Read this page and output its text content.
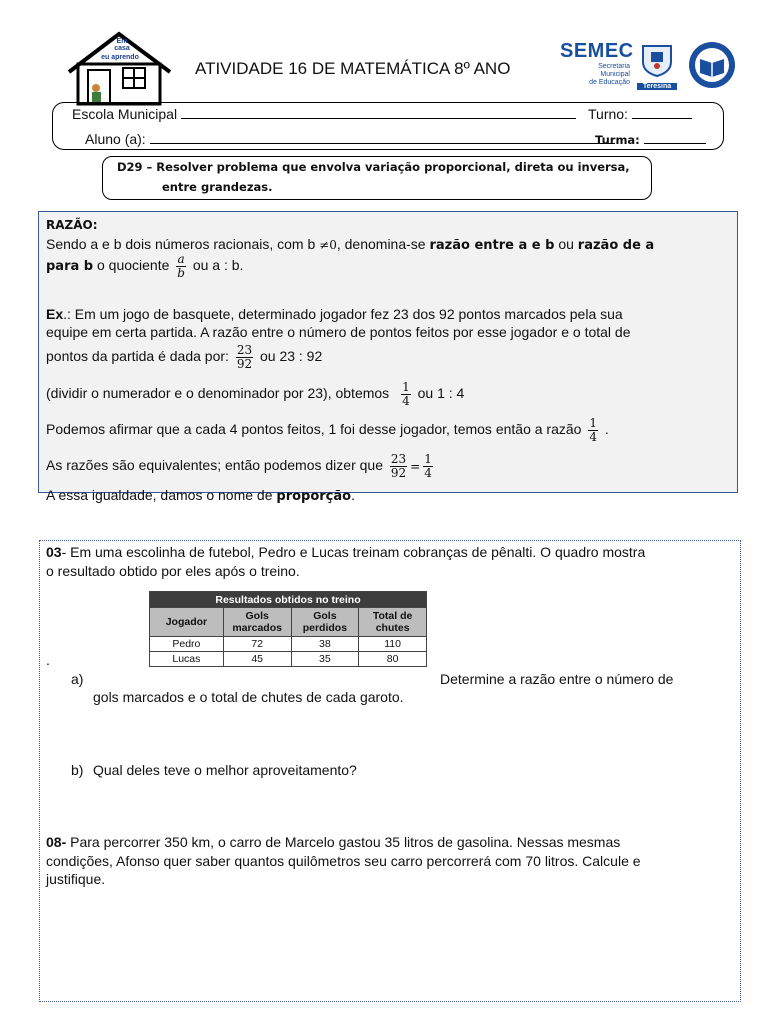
Em
casa
eu aprendo
ATIVIDADE 16 DE MATEMÁTICA 8º ANO
SEMEC
Secretaria
Municipal
de Educação
Teresina
Escola Municipal	Turno:
Aluno (a):	Turma:
D29 – Resolver problema que envolva variação proporcional, direta ou inversa,
entre grandezas.
RAZÃO:
Sendo a e b dois números racionais, com b ≠0, denomina-se razão entre a e b ou razão de a
para b o quociente $\frac{a}{b}$ ou a : b.
Ex.: Em um jogo de basquete, determinado jogador fez 23 dos 92 pontos marcados pela sua
equipe em certa partida. A razão entre o número de pontos feitos por esse jogador e o total de
pontos da partida é dada por: $\frac{23}{92}$ ou 23 : 92
(dividir o numerador e o denominador por 23), obtemos $\frac{1}{4}$ ou 1 : 4
Podemos afirmar que a cada 4 pontos feitos, 1 foi desse jogador, temos então a razão $\frac{1}{4}$ .
As razões são equivalentes; então podemos dizer que $\frac{23}{92} = \frac{1}{4}$
A essa igualdade, damos o nome de proporção.
03- Em uma escolinha de futebol, Pedro e Lucas treinam cobranças de pênalti. O quadro mostra
o resultado obtido por eles após o treino.
Resultados obtidos no treino			
Jogador	Gols marcados	Gols perdidos	Total de chutes
Pedro	72	38	110
Lucas	45	35	80
.
a)	Determine a razão entre o número de
gols marcados e o total de chutes de cada garoto.
b) Qual deles teve o melhor aproveitamento?
08- Para percorrer 350 km, o carro de Marcelo gastou 35 litros de gasolina. Nessas mesmas
condições, Afonso quer saber quantos quilômetros seu carro percorrerá com 70 litros. Calcule e
justifique.
